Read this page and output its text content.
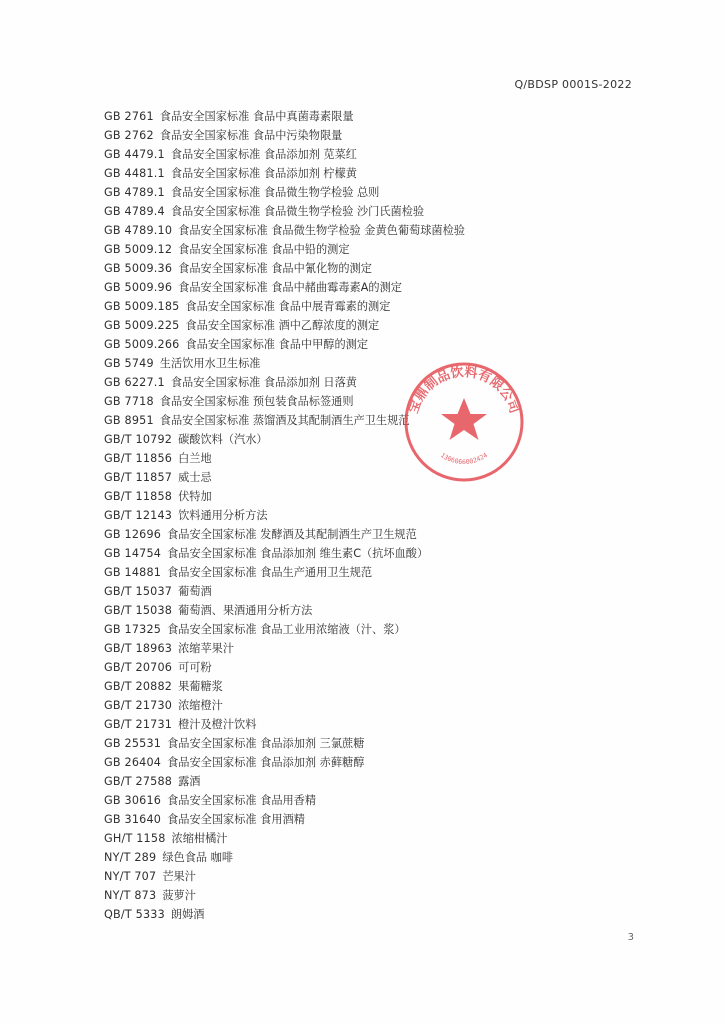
Q/BDSP 0001S-2022
GB 2761 食品安全国家标准 食品中真菌毒素限量
GB 2762 食品安全国家标准 食品中污染物限量
GB 4479.1 食品安全国家标准 食品添加剂 苋菜红
GB 4481.1 食品安全国家标准 食品添加剂 柠檬黄
GB 4789.1 食品安全国家标准 食品微生物学检验 总则
GB 4789.4 食品安全国家标准 食品微生物学检验 沙门氏菌检验
GB 4789.10 食品安全国家标准 食品微生物学检验 金黄色葡萄球菌检验
GB 5009.12 食品安全国家标准 食品中铅的测定
GB 5009.36 食品安全国家标准 食品中氰化物的测定
GB 5009.96 食品安全国家标准 食品中赭曲霉毒素A的测定
GB 5009.185 食品安全国家标准 食品中展青霉素的测定
GB 5009.225 食品安全国家标准 酒中乙醇浓度的测定
GB 5009.266 食品安全国家标准 食品中甲醇的测定
GB 5749 生活饮用水卫生标准
GB 6227.1 食品安全国家标准 食品添加剂 日落黄
GB 7718 食品安全国家标准 预包装食品标签通则
GB 8951 食品安全国家标准 蒸馏酒及其配制酒生产卫生规范
GB/T 10792 碳酸饮料（汽水）
GB/T 11856 白兰地
GB/T 11857 威士忌
GB/T 11858 伏特加
GB/T 12143 饮料通用分析方法
GB 12696 食品安全国家标准 发酵酒及其配制酒生产卫生规范
GB 14754 食品安全国家标准 食品添加剂 维生素C（抗坏血酸）
GB 14881 食品安全国家标准 食品生产通用卫生规范
GB/T 15037 葡萄酒
GB/T 15038 葡萄酒、果酒通用分析方法
GB 17325 食品安全国家标准 食品工业用浓缩液（汁、浆）
GB/T 18963 浓缩苹果汁
GB/T 20706 可可粉
GB/T 20882 果葡糖浆
GB/T 21730 浓缩橙汁
GB/T 21731 橙汁及橙汁饮料
GB 25531 食品安全国家标准 食品添加剂 三氯蔗糖
GB 26404 食品安全国家标准 食品添加剂 赤藓糖醇
GB/T 27588 露酒
GB 30616 食品安全国家标准 食品用香精
GB 31640 食品安全国家标准 食用酒精
GH/T 1158 浓缩柑橘汁
NY/T 289 绿色食品 咖啡
NY/T 707 芒果汁
NY/T 873 菠萝汁
QB/T 5333 朗姆酒
宝鼎制品饮料有限公司
1306066002424
3
